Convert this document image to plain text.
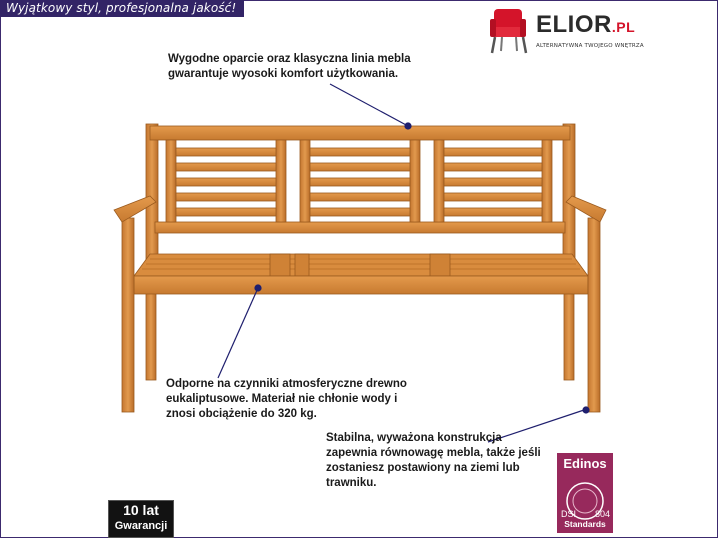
Wyjątkowy styl, profesjonalna jakość!
ELIOR.PL
ALTERNATYWNA TWOJEGO WNĘTRZA
Wygodne oparcie oraz klasyczna linia mebla
gwarantuje wyosoki komfort użytkowania.
Odporne na czynniki atmosferyczne drewno
eukaliptusowe. Materiał nie chłonie wody i
znosi obciążenie do 320 kg.
Stabilna, wyważona konstrukcja
zapewnia równowagę mebla, także jeśli
zostaniesz postawiony na ziemi lub
trawniku.
10 lat
Gwarancji
Edinos
DSI 804
Standards
